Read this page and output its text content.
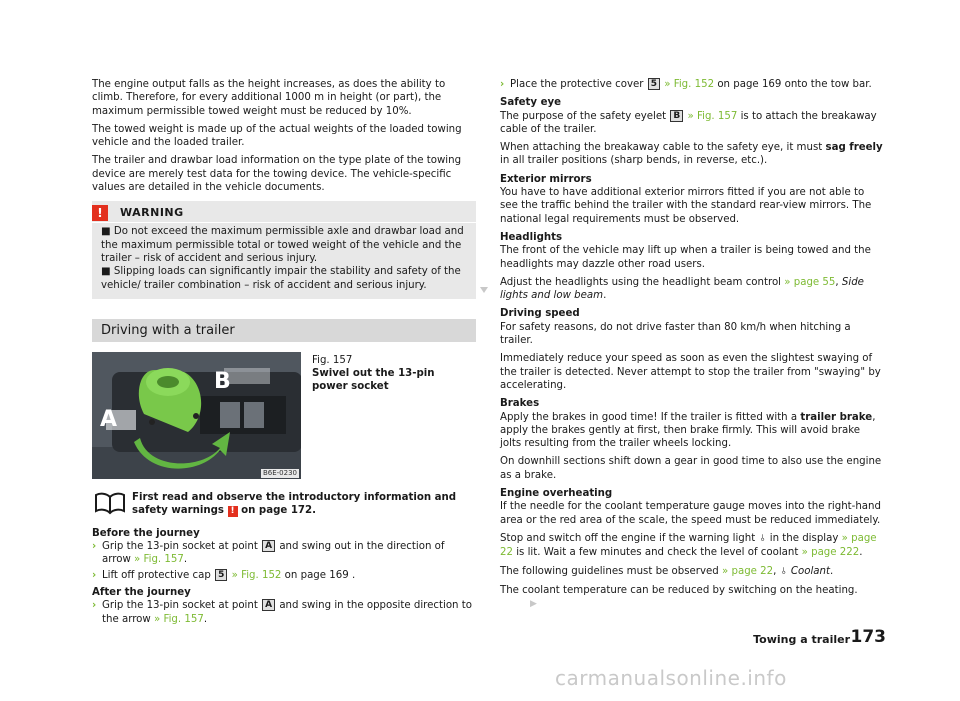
The engine output falls as the height increases, as does the ability to climb. Therefore, for every additional 1000 m in height (or part), the maximum permissible towed weight must be reduced by 10%.

The towed weight is made up of the actual weights of the loaded towing vehicle and the loaded trailer.

The trailer and drawbar load information on the type plate of the towing device are merely test data for the towing device. The vehicle-specific values are detailed in the vehicle documents.

!	WARNING

■ Do not exceed the maximum permissible axle and drawbar load and the maximum permissible total or towed weight of the vehicle and the trailer – risk of accident and serious injury.

■ Slipping loads can significantly impair the stability and safety of the vehicle/ trailer combination – risk of accident and serious injury.

Driving with a trailer
A
B
B6E-0230
Fig. 157
Swivel out the 13-pin power socket
First read and observe the introductory information and safety warnings ! on page 172.

Before the journey

› Grip the 13-pin socket at point A and swing out in the direction of arrow » Fig. 157.
› Lift off protective cap 5 » Fig. 152 on page 169 .

After the journey

› Grip the 13-pin socket at point A and swing in the opposite direction to the arrow » Fig. 157.
› Place the protective cover 5 » Fig. 152 on page 169 onto the tow bar.

Safety eye
The purpose of the safety eyelet B » Fig. 157 is to attach the breakaway cable of the trailer.

When attaching the breakaway cable to the safety eye, it must sag freely in all trailer positions (sharp bends, in reverse, etc.).

Exterior mirrors
You have to have additional exterior mirrors fitted if you are not able to see the traffic behind the trailer with the standard rear-view mirrors. The national legal requirements must be observed.

Headlights
The front of the vehicle may lift up when a trailer is being towed and the headlights may dazzle other road users.

Adjust the headlights using the headlight beam control » page 55, Side lights and low beam.

Driving speed
For safety reasons, do not drive faster than 80 km/h when hitching a trailer.

Immediately reduce your speed as soon as even the slightest swaying of the trailer is detected. Never attempt to stop the trailer from "swaying" by accelerating.

Brakes
Apply the brakes in good time! If the trailer is fitted with a trailer brake, apply the brakes gently at first, then brake firmly. This will avoid brake jolts resulting from the trailer wheels locking.

On downhill sections shift down a gear in good time to also use the engine as a brake.

Engine overheating
If the needle for the coolant temperature gauge moves into the right-hand area or the red area of the scale, the speed must be reduced immediately.

Stop and switch off the engine if the warning light ⫰ in the display » page 22 is lit. Wait a few minutes and check the level of coolant » page 222.

The following guidelines must be observed » page 22, ⫰ Coolant.

The coolant temperature can be reduced by switching on the heating. ▶

Towing a trailer 173
carmanualsonline.info
